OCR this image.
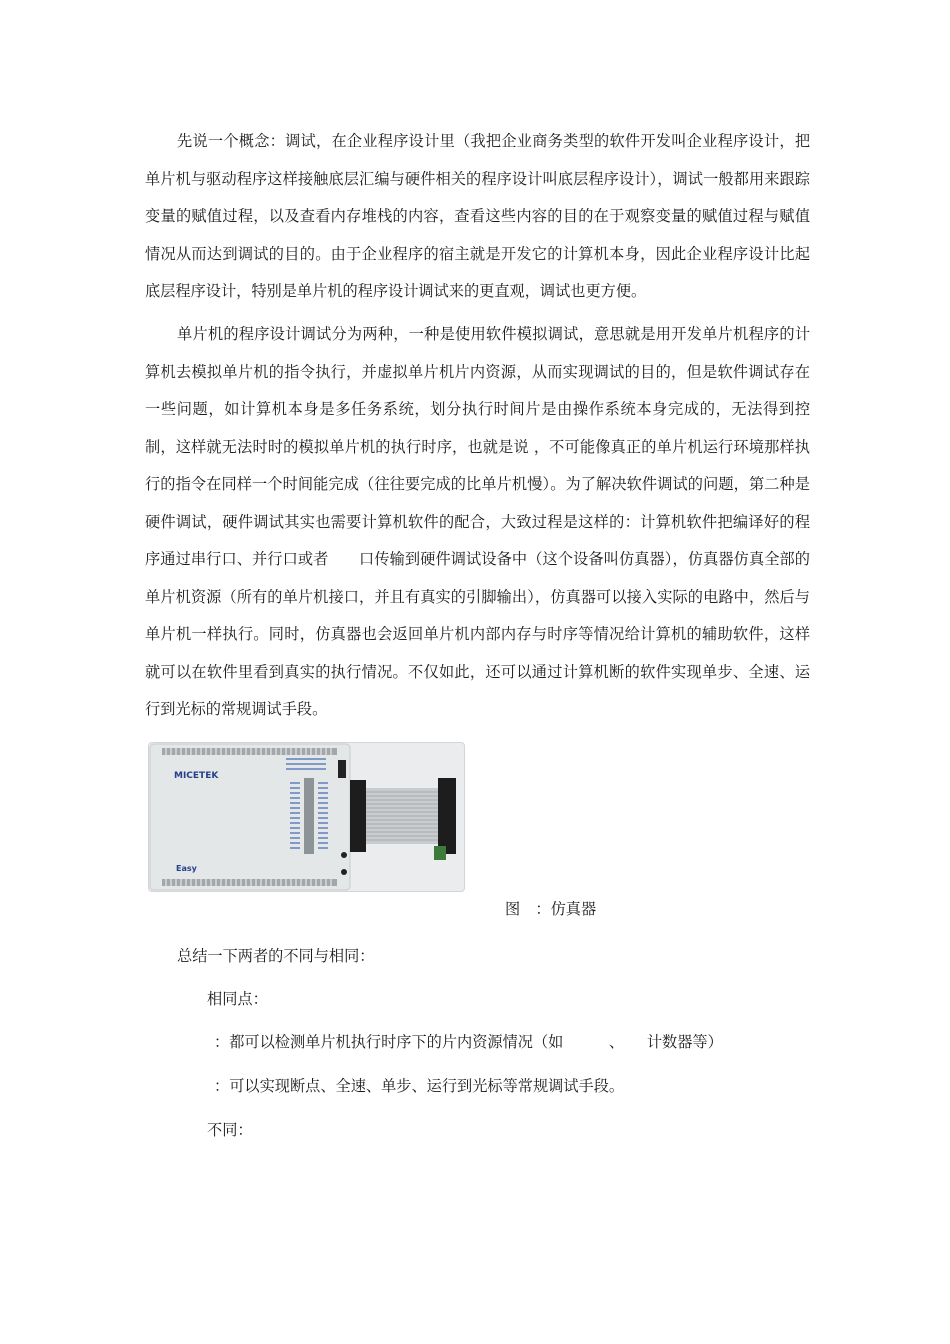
先说一个概念：调试，在企业程序设计里（我把企业商务类型的软件开发叫企业程序设计，把单片机与驱动程序这样接触底层汇编与硬件相关的程序设计叫底层程序设计），调试一般都用来跟踪变量的赋值过程，以及查看内存堆栈的内容，查看这些内容的目的在于观察变量的赋值过程与赋值情况从而达到调试的目的。由于企业程序的宿主就是开发它的计算机本身，因此企业程序设计比起底层程序设计，特别是单片机的程序设计调试来的更直观，调试也更方便。

单片机的程序设计调试分为两种，一种是使用软件模拟调试，意思就是用开发单片机程序的计算机去模拟单片机的指令执行，并虚拟单片机片内资源，从而实现调试的目的，但是软件调试存在一些问题，如计算机本身是多任务系统，划分执行时间片是由操作系统本身完成的，无法得到控制，这样就无法时时的模拟单片机的执行时序，也就是说 ，不可能像真正的单片机运行环境那样执行的指令在同样一个时间能完成（往往要完成的比单片机慢）。为了解决软件调试的问题，第二种是硬件调试，硬件调试其实也需要计算机软件的配合，大致过程是这样的：计算机软件把编译好的程序通过串行口、并行口或者　　口传输到硬件调试设备中（这个设备叫仿真器），仿真器仿真全部的单片机资源（所有的单片机接口，并且有真实的引脚输出），仿真器可以接入实际的电路中，然后与单片机一样执行。同时，仿真器也会返回单片机内部内存与时序等情况给计算机的辅助软件，这样 就可以在软件里看到真实的执行情况。不仅如此，还可以通过计算机断的软件实现单步、全速、运行到光标的常规调试手段。

MICETEK
Easy

图　：仿真器

总结一下两者的不同与相同：

相同点：

：都可以检测单片机执行时序下的片内资源情况（如　　　、　　计数器等）

：可以实现断点、全速、单步、运行到光标等常规调试手段。

不同：
